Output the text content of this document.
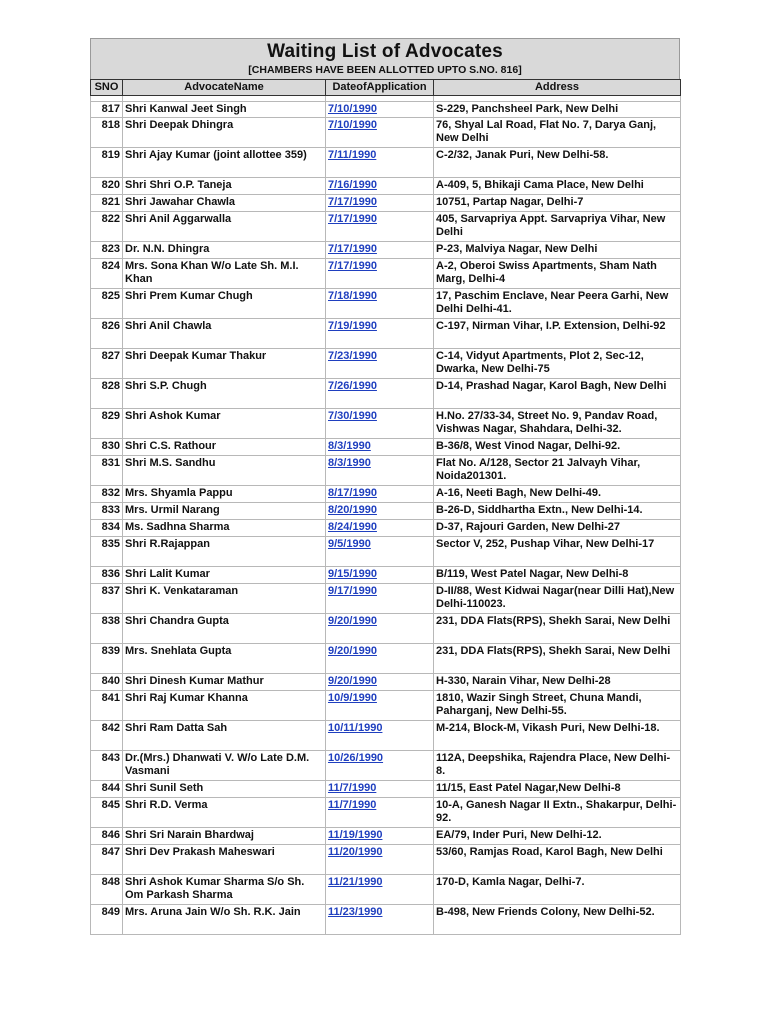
Waiting List of Advocates
[CHAMBERS HAVE BEEN ALLOTTED UPTO S.NO. 816]
SNO	AdvocateName	DateofApplication	Address

817	Shri Kanwal Jeet Singh	7/10/1990	S-229, Panchsheel Park, New Delhi
818	Shri Deepak Dhingra	7/10/1990	76, Shyal Lal Road, Flat No. 7, Darya Ganj, New Delhi
819	Shri Ajay Kumar (joint allottee 359)	7/11/1990	C-2/32, Janak Puri, New Delhi-58.
820	Shri Shri O.P. Taneja	7/16/1990	A-409, 5, Bhikaji Cama Place, New Delhi
821	Shri Jawahar Chawla	7/17/1990	10751, Partap Nagar, Delhi-7
822	Shri Anil Aggarwalla	7/17/1990	405, Sarvapriya Appt. Sarvapriya Vihar, New Delhi
823	Dr. N.N. Dhingra	7/17/1990	P-23, Malviya Nagar, New Delhi
824	Mrs. Sona Khan W/o Late Sh. M.I. Khan	7/17/1990	A-2, Oberoi Swiss Apartments, Sham Nath Marg, Delhi-4
825	Shri Prem Kumar Chugh	7/18/1990	17, Paschim Enclave, Near Peera Garhi, New Delhi Delhi-41.
826	Shri Anil Chawla	7/19/1990	C-197, Nirman Vihar, I.P. Extension, Delhi-92
827	Shri Deepak Kumar Thakur	7/23/1990	C-14, Vidyut Apartments, Plot 2, Sec-12, Dwarka, New Delhi-75
828	Shri S.P. Chugh	7/26/1990	D-14, Prashad Nagar, Karol Bagh, New Delhi
829	Shri Ashok Kumar	7/30/1990	H.No. 27/33-34, Street No. 9, Pandav Road, Vishwas Nagar, Shahdara, Delhi-32.
830	Shri C.S. Rathour	8/3/1990	B-36/8, West Vinod Nagar, Delhi-92.
831	Shri M.S. Sandhu	8/3/1990	Flat No. A/128, Sector 21 Jalvayh Vihar, Noida201301.
832	Mrs. Shyamla Pappu	8/17/1990	A-16, Neeti Bagh, New Delhi-49.
833	Mrs. Urmil Narang	8/20/1990	B-26-D, Siddhartha Extn., New Delhi-14.
834	Ms. Sadhna Sharma	8/24/1990	D-37, Rajouri Garden, New Delhi-27
835	Shri R.Rajappan	9/5/1990	Sector V, 252, Pushap Vihar, New Delhi-17
836	Shri Lalit Kumar	9/15/1990	B/119, West Patel Nagar, New Delhi-8
837	Shri K. Venkataraman	9/17/1990	D-II/88, West Kidwai Nagar(near Dilli Hat),New Delhi-110023.
838	Shri Chandra Gupta	9/20/1990	231, DDA Flats(RPS), Shekh Sarai, New Delhi
839	Mrs. Snehlata Gupta	9/20/1990	231, DDA Flats(RPS), Shekh Sarai, New Delhi
840	Shri Dinesh Kumar Mathur	9/20/1990	H-330, Narain Vihar, New Delhi-28
841	Shri Raj Kumar Khanna	10/9/1990	1810, Wazir Singh Street, Chuna Mandi, Paharganj, New Delhi-55.
842	Shri Ram Datta Sah	10/11/1990	M-214, Block-M, Vikash Puri, New Delhi-18.
843	Dr.(Mrs.) Dhanwati V. W/o Late D.M. Vasmani	10/26/1990	112A, Deepshika, Rajendra Place, New Delhi-8.
844	Shri Sunil Seth	11/7/1990	11/15, East Patel Nagar,New Delhi-8
845	Shri R.D. Verma	11/7/1990	10-A, Ganesh Nagar II Extn., Shakarpur, Delhi-92.
846	Shri Sri Narain Bhardwaj	11/19/1990	EA/79, Inder Puri, New Delhi-12.
847	Shri Dev Prakash Maheswari	11/20/1990	53/60, Ramjas Road, Karol Bagh, New Delhi
848	Shri Ashok Kumar Sharma S/o Sh. Om Parkash Sharma	11/21/1990	170-D, Kamla Nagar, Delhi-7.
849	Mrs. Aruna Jain W/o Sh. R.K. Jain	11/23/1990	B-498, New Friends Colony, New Delhi-52.
